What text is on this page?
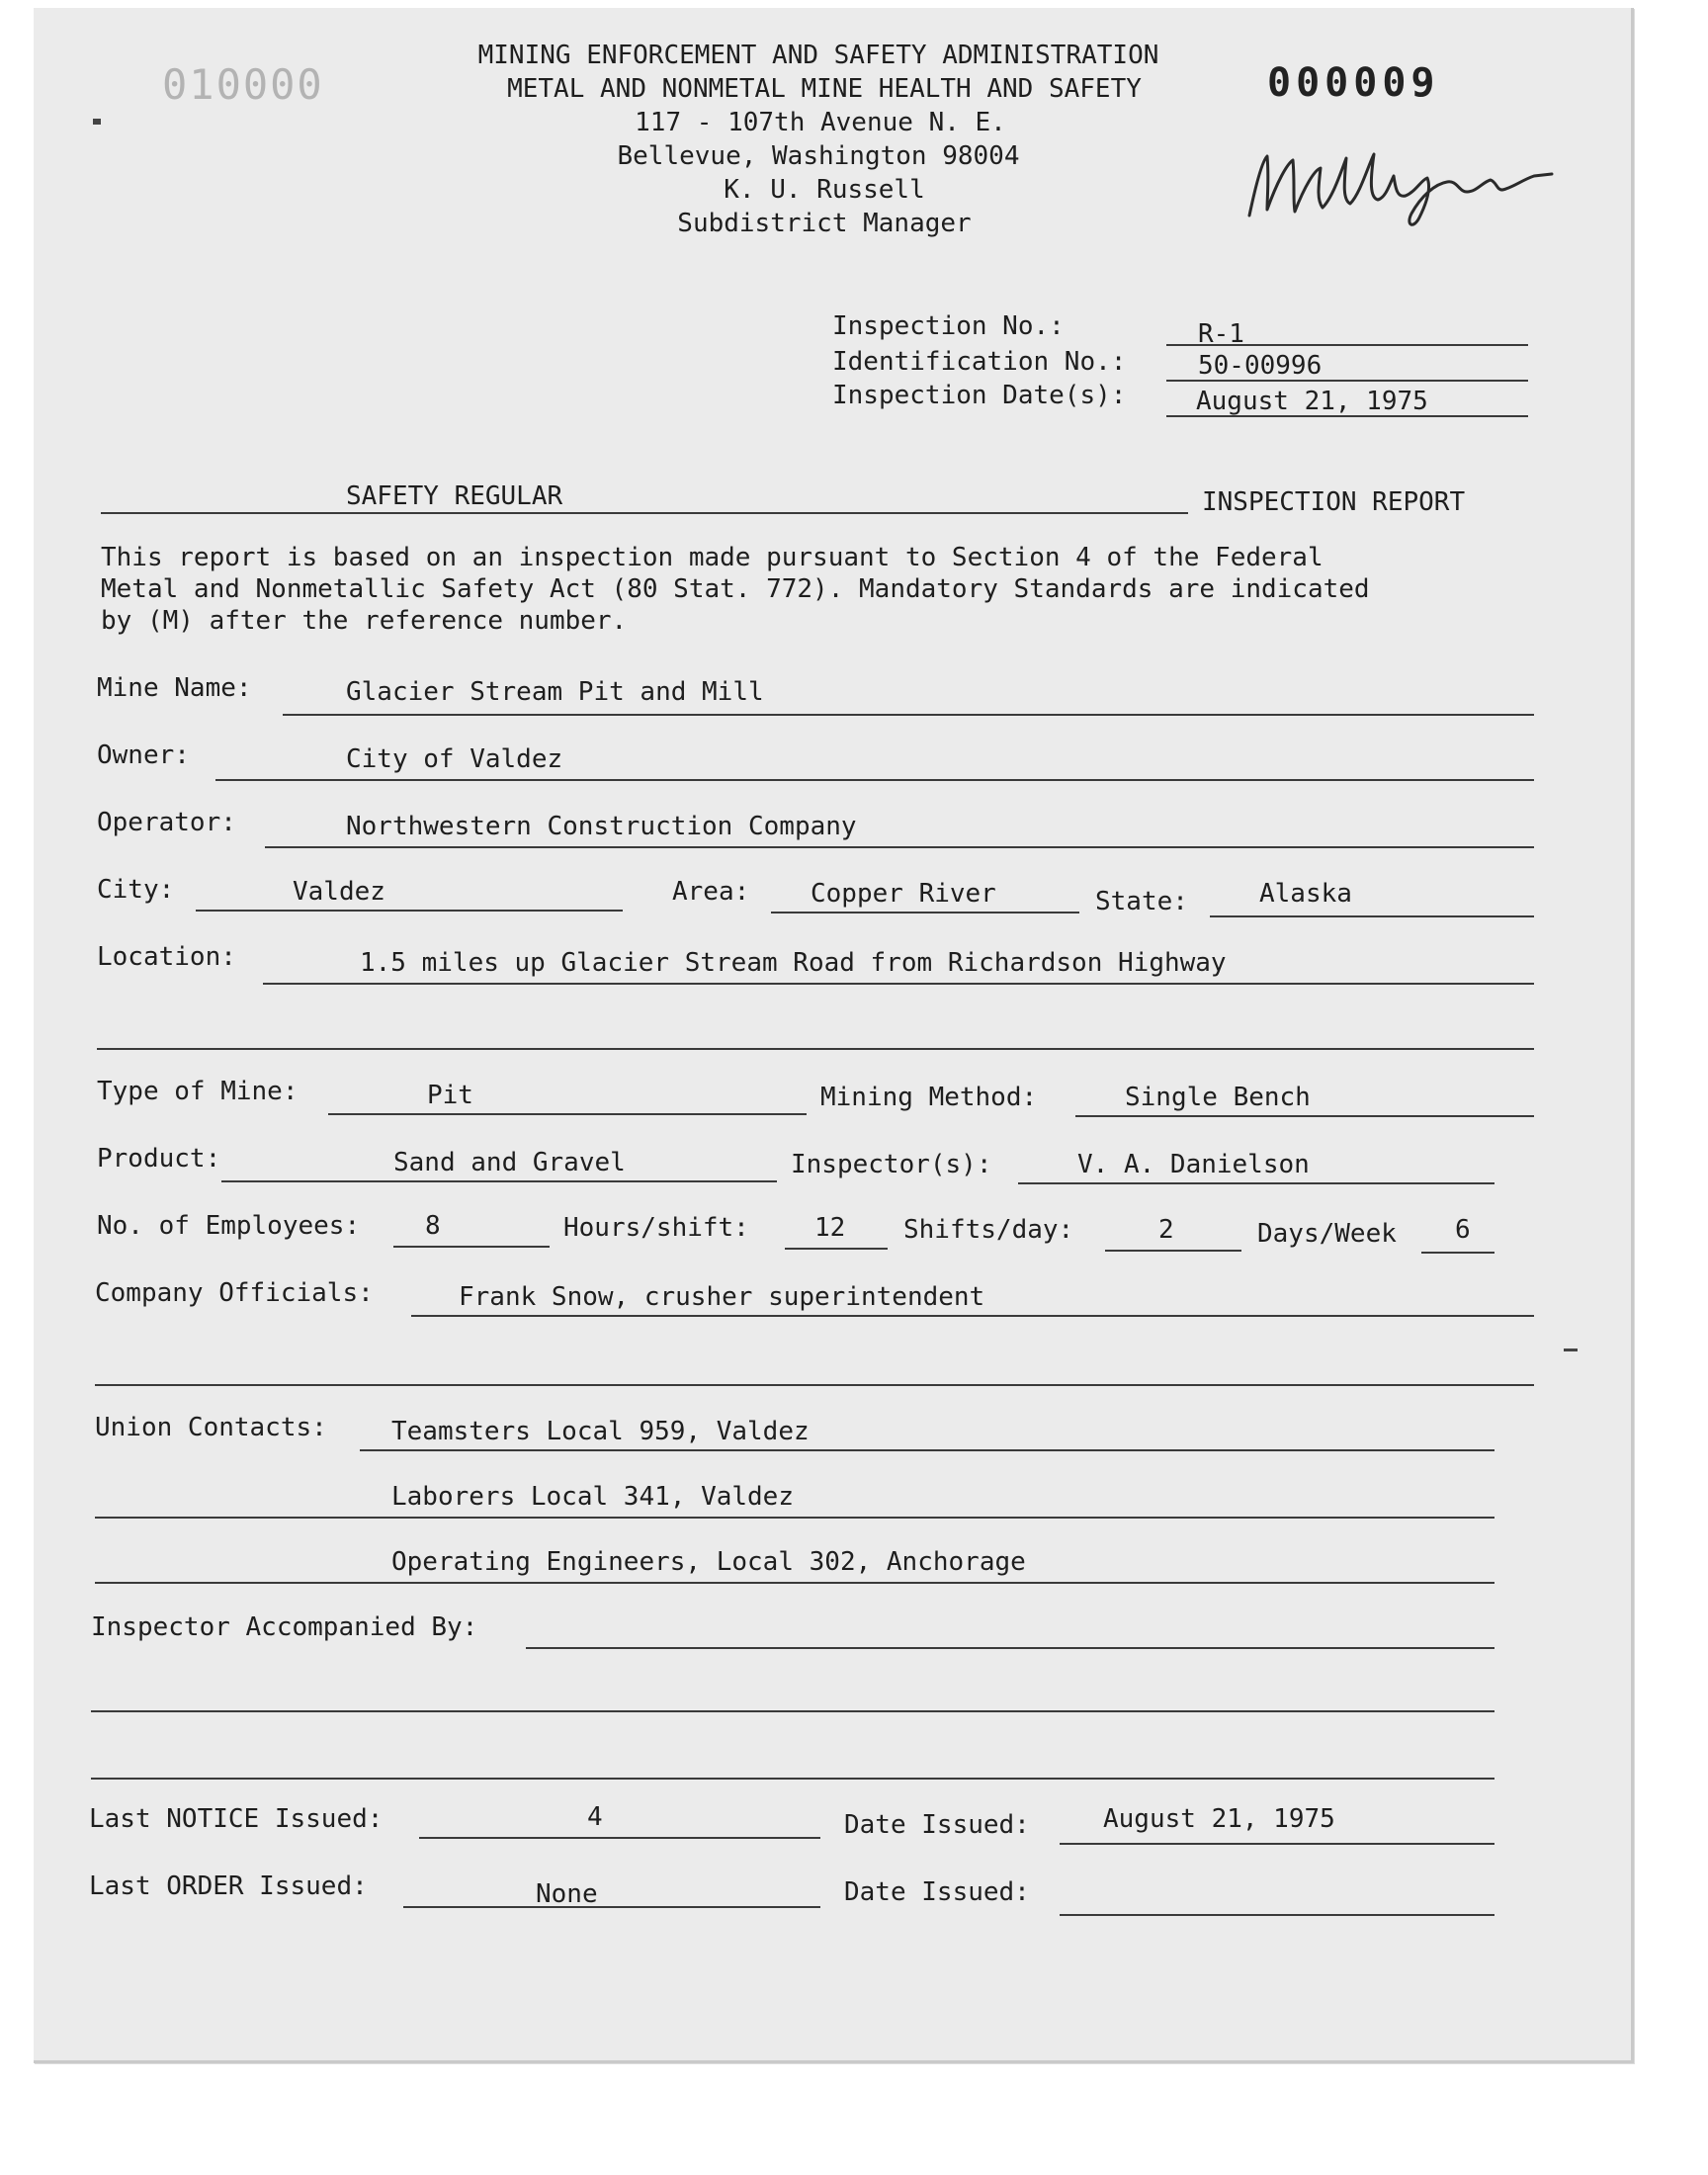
010000	000009
MINING ENFORCEMENT AND SAFETY ADMINISTRATION
METAL AND NONMETAL MINE HEALTH AND SAFETY
117 - 107th Avenue N. E.
Bellevue, Washington 98004
K. U. Russell
Subdistrict Manager
Inspection No.:	R-1
Identification No.:	50-00996
Inspection Date(s):	August 21, 1975
SAFETY REGULAR	INSPECTION REPORT
This report is based on an inspection made pursuant to Section 4 of the Federal
Metal and Nonmetallic Safety Act (80 Stat. 772). Mandatory Standards are indicated
by (M) after the reference number.
Mine Name:	Glacier Stream Pit and Mill
Owner:	City of Valdez
Operator:	Northwestern Construction Company
City:	Valdez	Area: Copper River	State:	Alaska
Location:	1.5 miles up Glacier Stream Road from Richardson Highway
Type of Mine:	Pit	Mining Method:	Single Bench
Product:	Sand and Gravel	Inspector(s):	V. A. Danielson
No. of Employees:	8	Hours/shift:	12 Shifts/day:	2	Days/Week 6
Company Officials:	Frank Snow, crusher superintendent
Union Contacts:	Teamsters Local 959, Valdez
Laborers Local 341, Valdez
Operating Engineers, Local 302, Anchorage
Inspector Accompanied By:
Last NOTICE Issued:	4	Date Issued:	August 21, 1975
Last ORDER Issued:	None	Date Issued:
